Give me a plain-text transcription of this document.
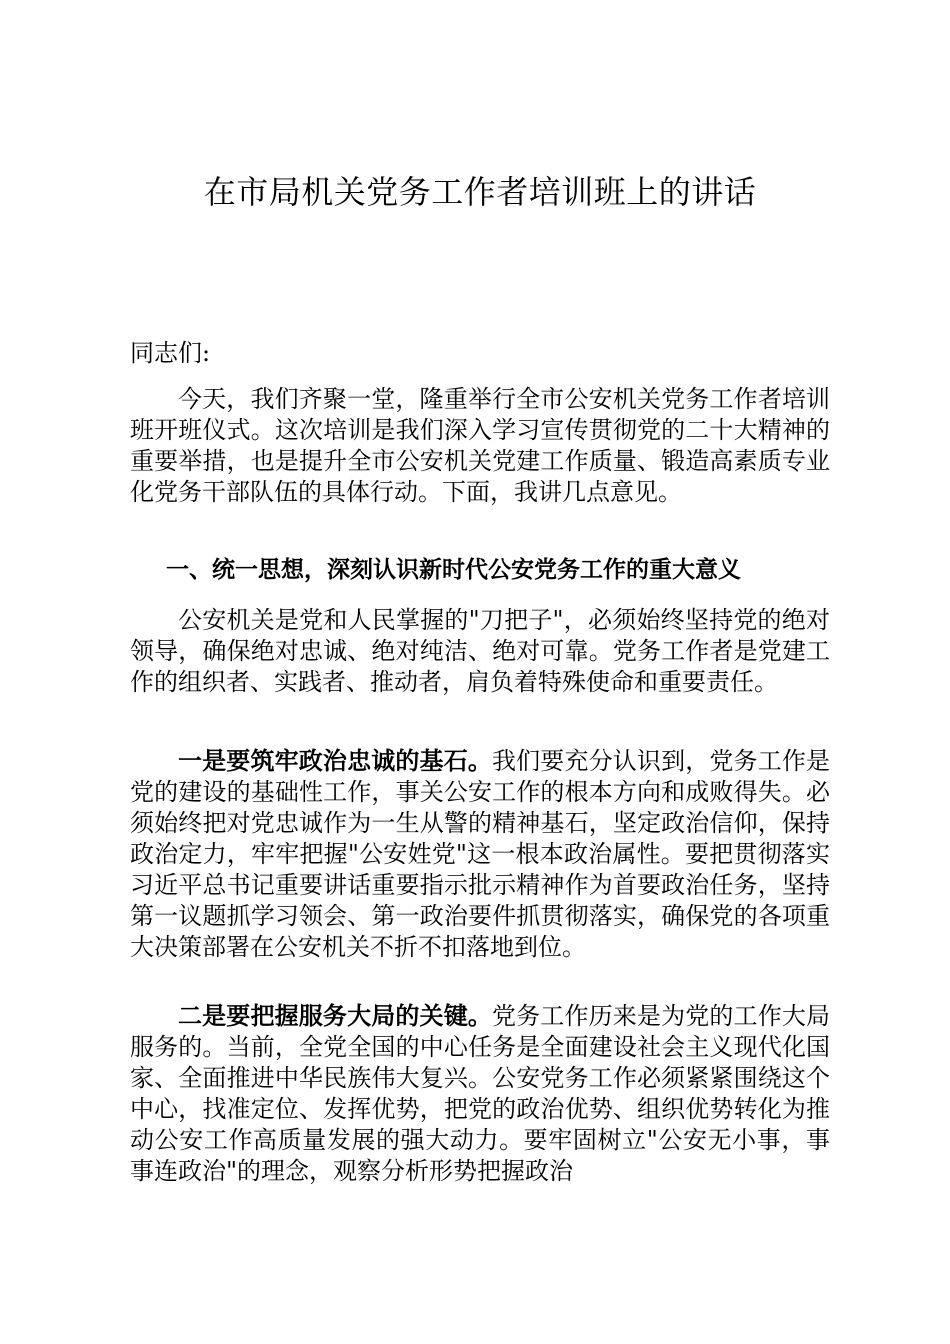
在市局机关党务工作者培训班上的讲话

同志们:

今天，我们齐聚一堂，隆重举行全市公安机关党务工作者培训班开班仪式。这次培训是我们深入学习宣传贯彻党的二十大精神的重要举措，也是提升全市公安机关党建工作质量、锻造高素质专业化党务干部队伍的具体行动。下面，我讲几点意见。

一、统一思想，深刻认识新时代公安党务工作的重大意义

公安机关是党和人民掌握的"刀把子"，必须始终坚持党的绝对领导，确保绝对忠诚、绝对纯洁、绝对可靠。党务工作者是党建工作的组织者、实践者、推动者，肩负着特殊使命和重要责任。

一是要筑牢政治忠诚的基石。我们要充分认识到，党务工作是党的建设的基础性工作，事关公安工作的根本方向和成败得失。必须始终把对党忠诚作为一生从警的精神基石，坚定政治信仰，保持政治定力，牢牢把握"公安姓党"这一根本政治属性。要把贯彻落实习近平总书记重要讲话重要指示批示精神作为首要政治任务，坚持第一议题抓学习领会、第一政治要件抓贯彻落实，确保党的各项重大决策部署在公安机关不折不扣落地到位。

二是要把握服务大局的关键。党务工作历来是为党的工作大局服务的。当前，全党全国的中心任务是全面建设社会主义现代化国家、全面推进中华民族伟大复兴。公安党务工作必须紧紧围绕这个中心，找准定位、发挥优势，把党的政治优势、组织优势转化为推动公安工作高质量发展的强大动力。要牢固树立"公安无小事，事事连政治"的理念，观察分析形势把握政治
